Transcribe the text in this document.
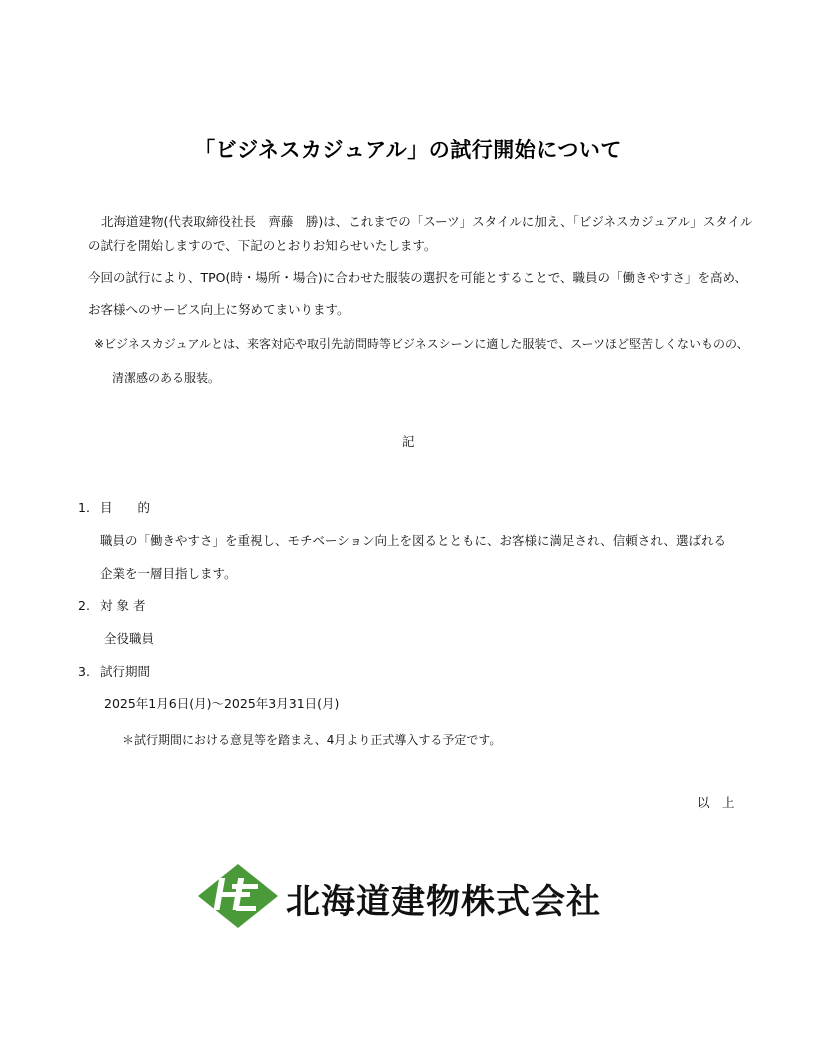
「ビジネスカジュアル」の試行開始について
北海道建物(代表取締役社長　齊藤　勝)は、これまでの「スーツ」スタイルに加え、「ビジネスカジュアル」スタイル
の試行を開始しますので、下記のとおりお知らせいたします。
今回の試行により、TPO(時・場所・場合)に合わせた服装の選択を可能とすることで、職員の「働きやすさ」を高め、
お客様へのサービス向上に努めてまいります。
※ビジネスカジュアルとは、来客対応や取引先訪問時等ビジネスシーンに適した服装で、スーツほど堅苦しくないものの、
清潔感のある服装。
記
1. 目　　的
職員の「働きやすさ」を重視し、モチベーション向上を図るとともに、お客様に満足され、信頼され、選ばれる
企業を一層目指します。
2. 対 象 者
全役職員
3. 試行期間
2025年1月6日(月)～2025年3月31日(月)
＊試行期間における意見等を踏まえ、4月より正式導入する予定です。
以　上
北海道建物株式会社
